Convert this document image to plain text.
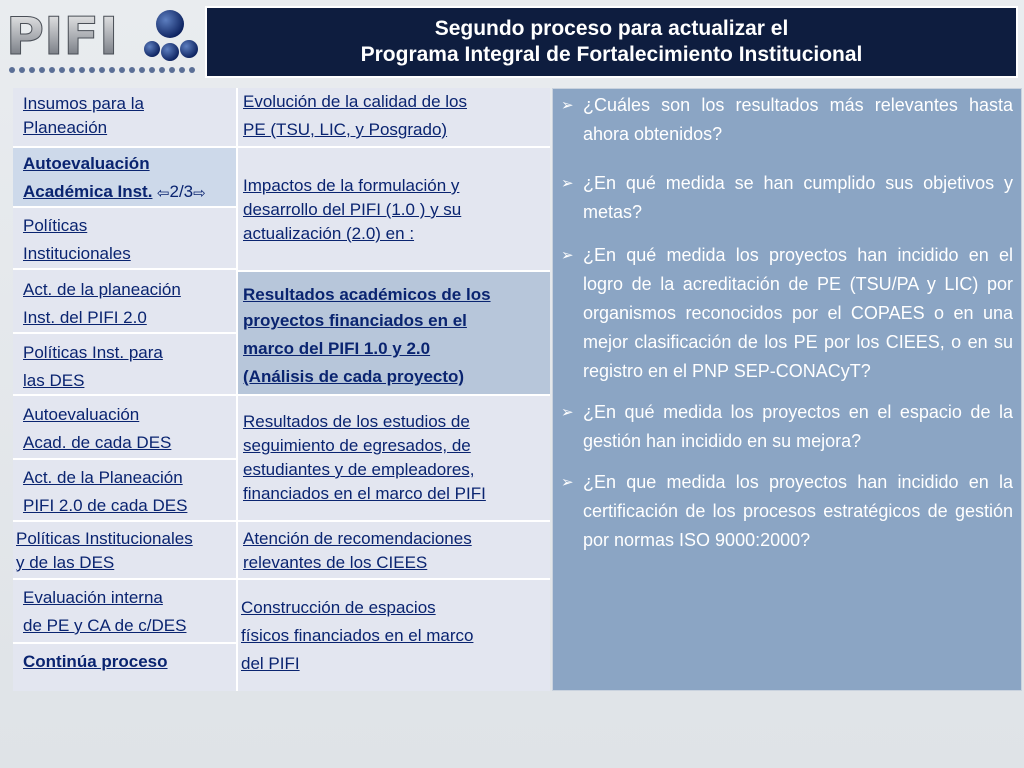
PIFI	Segundo proceso para actualizar el
Programa Integral de Fortalecimiento Institucional
Insumos para la
Planeación
Autoevaluación
Académica Inst. ⇦2/3⇨
Políticas
Institucionales
Act. de la planeación
Inst. del PIFI 2.0
Políticas Inst. para
las DES
Autoevaluación
Acad. de cada DES
Act. de la Planeación
PIFI 2.0 de cada DES
Políticas Institucionales
y de las DES
Evaluación interna
de PE y CA de c/DES
Continúa proceso
Evolución de la calidad de los
PE (TSU, LIC, y Posgrado)
Impactos de la formulación y
desarrollo del PIFI (1.0 ) y su
actualización (2.0) en :
Resultados académicos de los
proyectos financiados en el
marco del PIFI 1.0 y 2.0
(Análisis de cada proyecto)
Resultados de los estudios de
seguimiento de egresados, de
estudiantes y de empleadores,
financiados en el marco del PIFI
Atención de recomendaciones
relevantes de los CIEES
Construcción de espacios
físicos financiados en el marco
del PIFI
➢ ¿Cuáles son los resultados más relevantes hasta ahora obtenidos?
➢ ¿En qué medida se han cumplido sus objetivos y metas?
➢ ¿En qué medida los proyectos han incidido en el logro de la acreditación de PE (TSU/PA y LIC) por organismos reconocidos por el COPAES o en una mejor clasificación de los PE por los CIEES, o en su registro en el PNP SEP-CONACyT?
➢ ¿En qué medida los proyectos en el espacio de la gestión han incidido en su mejora?
➢ ¿En que medida los proyectos han incidido en la certificación de los procesos estratégicos de gestión por normas ISO 9000:2000?
